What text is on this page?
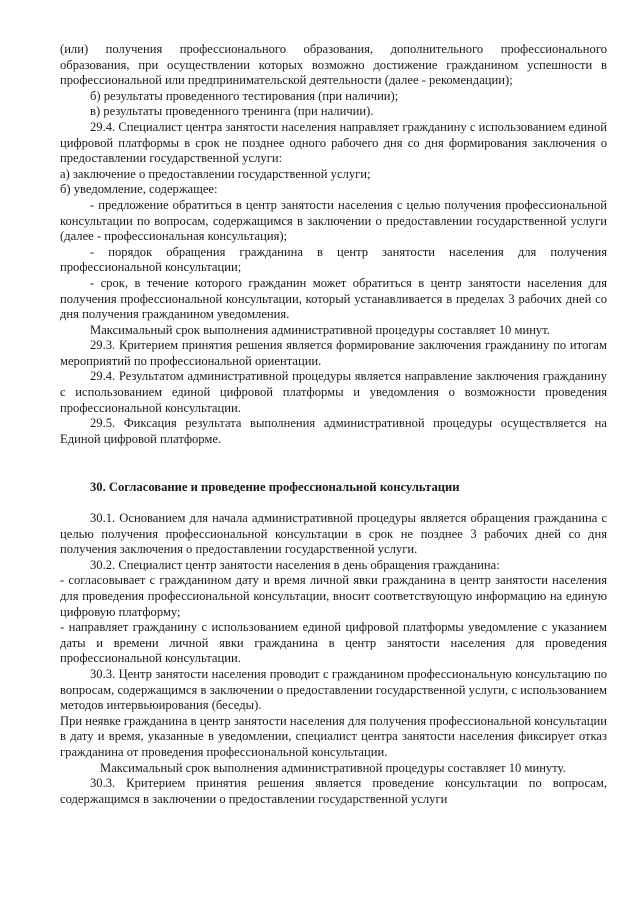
(или) получения профессионального образования, дополнительного профессионального образования, при осуществлении которых возможно достижение гражданином успешности в профессиональной или предпринимательской деятельности (далее - рекомендации);

б) результаты проведенного тестирования (при наличии);

в) результаты проведенного тренинга (при наличии).

29.4. Специалист центра занятости населения направляет гражданину с использованием единой цифровой платформы в срок не позднее одного рабочего дня со дня формирования заключения о предоставлении государственной услуги:

а) заключение о предоставлении государственной услуги;

б) уведомление, содержащее:

- предложение обратиться в центр занятости населения с целью получения профессиональной консультации по вопросам, содержащимся в заключении о предоставлении государственной услуги (далее - профессиональная консультация);

- порядок обращения гражданина в центр занятости населения для получения профессиональной консультации;

- срок, в течение которого гражданин может обратиться в центр занятости населения для получения профессиональной консультации, который устанавливается в пределах 3 рабочих дней со дня получения гражданином уведомления.

Максимальный срок выполнения административной процедуры составляет 10 минут.

29.3. Критерием принятия решения является формирование заключения гражданину по итогам мероприятий по профессиональной ориентации.

29.4. Результатом административной процедуры является направление заключения гражданину с использованием единой цифровой платформы и уведомления о возможности проведения профессиональной консультации.

29.5. Фиксация результата выполнения административной процедуры осуществляется на Единой цифровой платформе.

30. Согласование и проведение профессиональной консультации

30.1. Основанием для начала административной процедуры является обращения гражданина с целью получения профессиональной консультации в срок не позднее 3 рабочих дней со дня получения заключения о предоставлении государственной услуги.

30.2. Специалист центр занятости населения в день обращения гражданина:

- согласовывает с гражданином дату и время личной явки гражданина в центр занятости населения для проведения профессиональной консультации, вносит соответствующую информацию на единую цифровую платформу;

- направляет гражданину с использованием единой цифровой платформы уведомление с указанием даты и времени личной явки гражданина в центр занятости населения для проведения профессиональной консультации.

30.3. Центр занятости населения проводит с гражданином профессиональную консультацию по вопросам, содержащимся в заключении о предоставлении государственной услуги, с использованием методов интервьюирования (беседы).

При неявке гражданина в центр занятости населения для получения профессиональной консультации в дату и время, указанные в уведомлении, специалист центра занятости населения фиксирует отказ гражданина от проведения профессиональной консультации.

Максимальный срок выполнения административной процедуры составляет 10 минуту.

30.3. Критерием принятия решения является проведение консультации по вопросам, содержащимся в заключении о предоставлении государственной услуги
